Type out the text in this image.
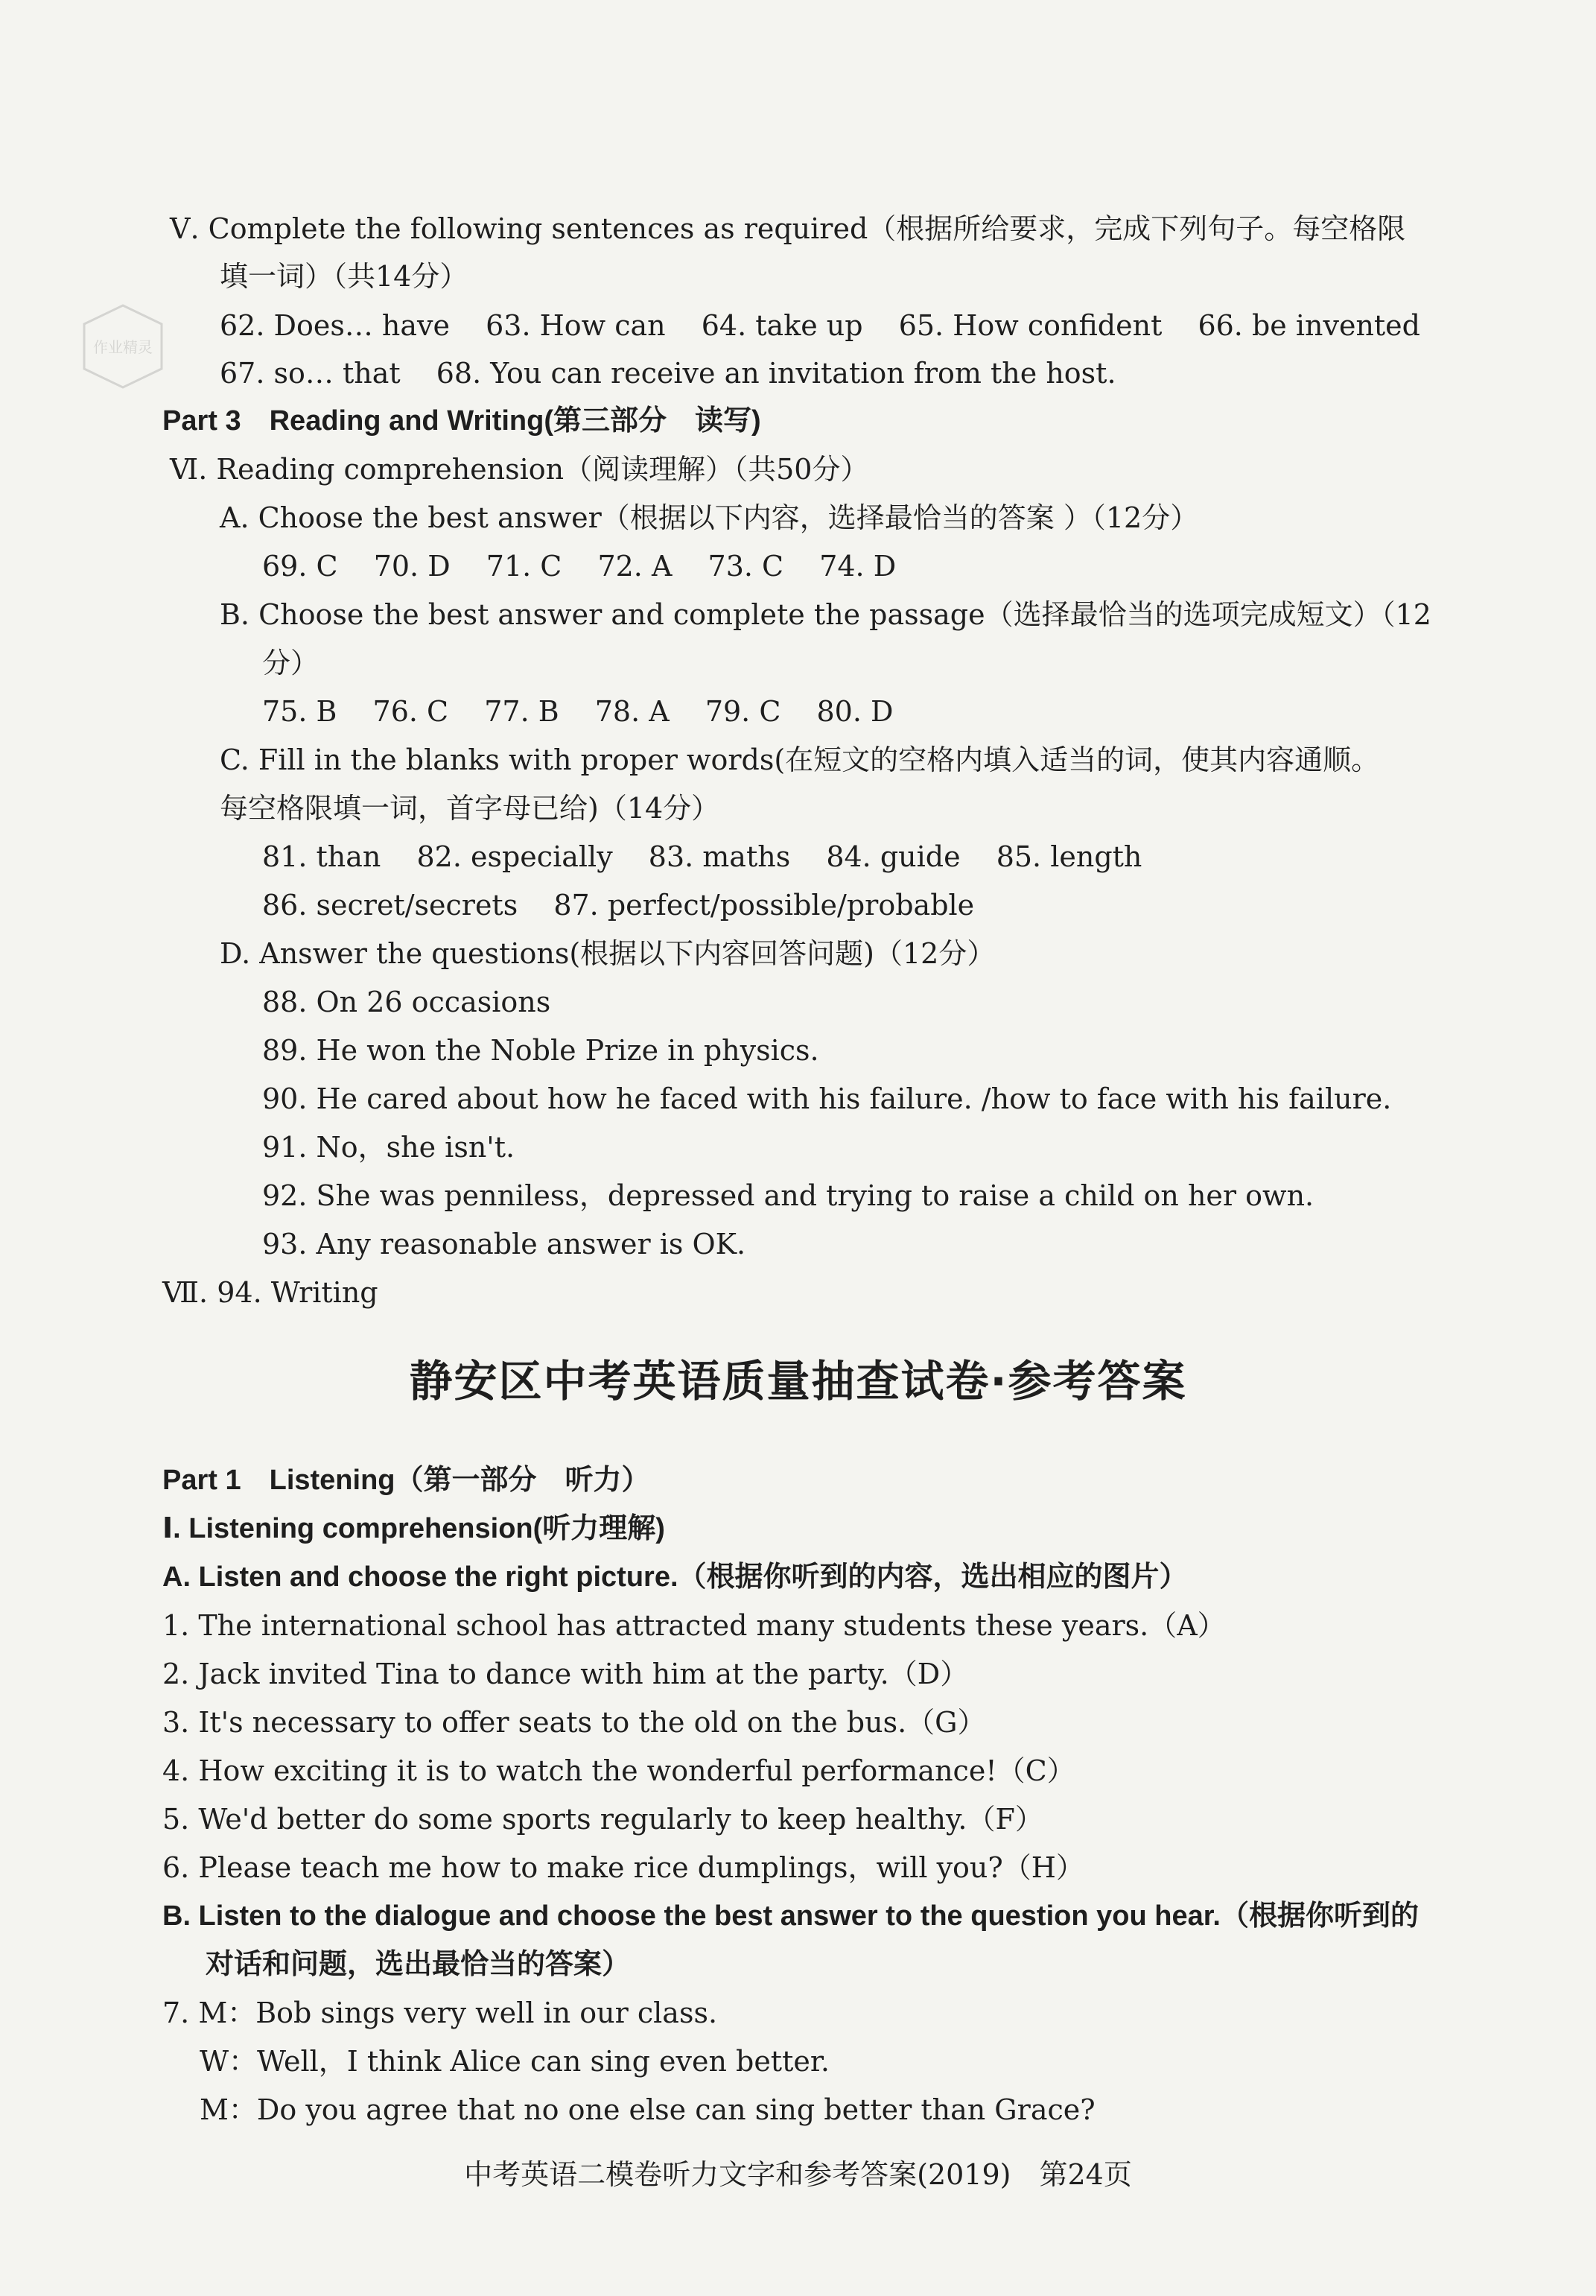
作业精灵
Ⅴ. Complete the following sentences as required（根据所给要求，完成下列句子。每空格限
填一词）（共14分）
62. Does… have 63. How can 64. take up 65. How confident 66. be invented
67. so… that 68. You can receive an invitation from the host.
Part 3　Reading and Writing(第三部分　读写)
Ⅵ. Reading comprehension（阅读理解）（共50分）
A. Choose the best answer（根据以下内容，选择最恰当的答案 ）（12分）
69. C 70. D 71. C 72. A 73. C 74. D
B. Choose the best answer and complete the passage（选择最恰当的选项完成短文）（12
分）
75. B 76. C 77. B 78. A 79. C 80. D
C. Fill in the blanks with proper words(在短文的空格内填入适当的词，使其内容通顺。
每空格限填一词，首字母已给)（14分）
81. than 82. especially 83. maths 84. guide 85. length
86. secret/secrets 87. perfect/possible/probable
D. Answer the questions(根据以下内容回答问题)（12分）
88. On 26 occasions
89. He won the Noble Prize in physics.
90. He cared about how he faced with his failure. /how to face with his failure.
91. No，she isn't.
92. She was penniless，depressed and trying to raise a child on her own.
93. Any reasonable answer is OK.
Ⅶ. 94. Writing
静安区中考英语质量抽查试卷·参考答案
Part 1　Listening（第一部分　听力）
Ⅰ. Listening comprehension(听力理解)
A. Listen and choose the right picture.（根据你听到的内容，选出相应的图片）
1. The international school has attracted many students these years.（A）
2. Jack invited Tina to dance with him at the party.（D）
3. It's necessary to offer seats to the old on the bus.（G）
4. How exciting it is to watch the wonderful performance!（C）
5. We'd better do some sports regularly to keep healthy.（F）
6. Please teach me how to make rice dumplings，will you?（H）
B. Listen to the dialogue and choose the best answer to the question you hear.（根据你听到的
对话和问题，选出最恰当的答案）
7. M：Bob sings very well in our class.
W：Well，I think Alice can sing even better.
M：Do you agree that no one else can sing better than Grace?
中考英语二模卷听力文字和参考答案(2019)　第24页
